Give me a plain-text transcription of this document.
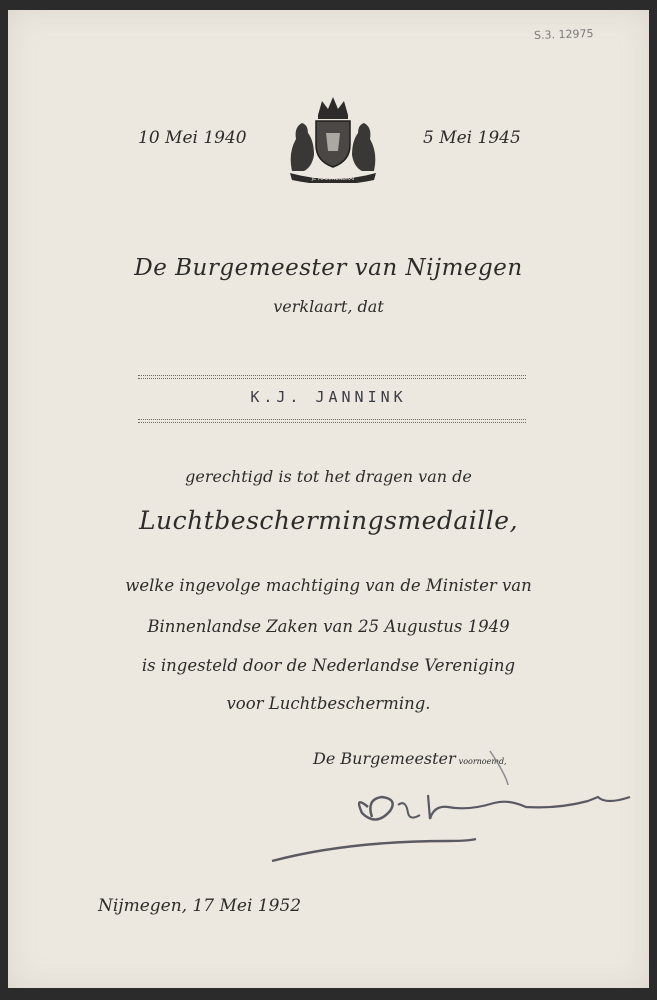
S.3. 12975
10 Mei 1940
JE MAINTIENDRAI
5 Mei 1945
De Burgemeester van Nijmegen
verklaart, dat
K.J. JANNINK
gerechtigd is tot het dragen van de
Luchtbeschermingsmedaille,
welke ingevolge machtiging van de Minister van
Binnenlandse Zaken van 25 Augustus 1949
is ingesteld door de Nederlandse Vereniging
voor Luchtbescherming.
De Burgemeester voornoemd,
Nijmegen, 17 Mei 1952
